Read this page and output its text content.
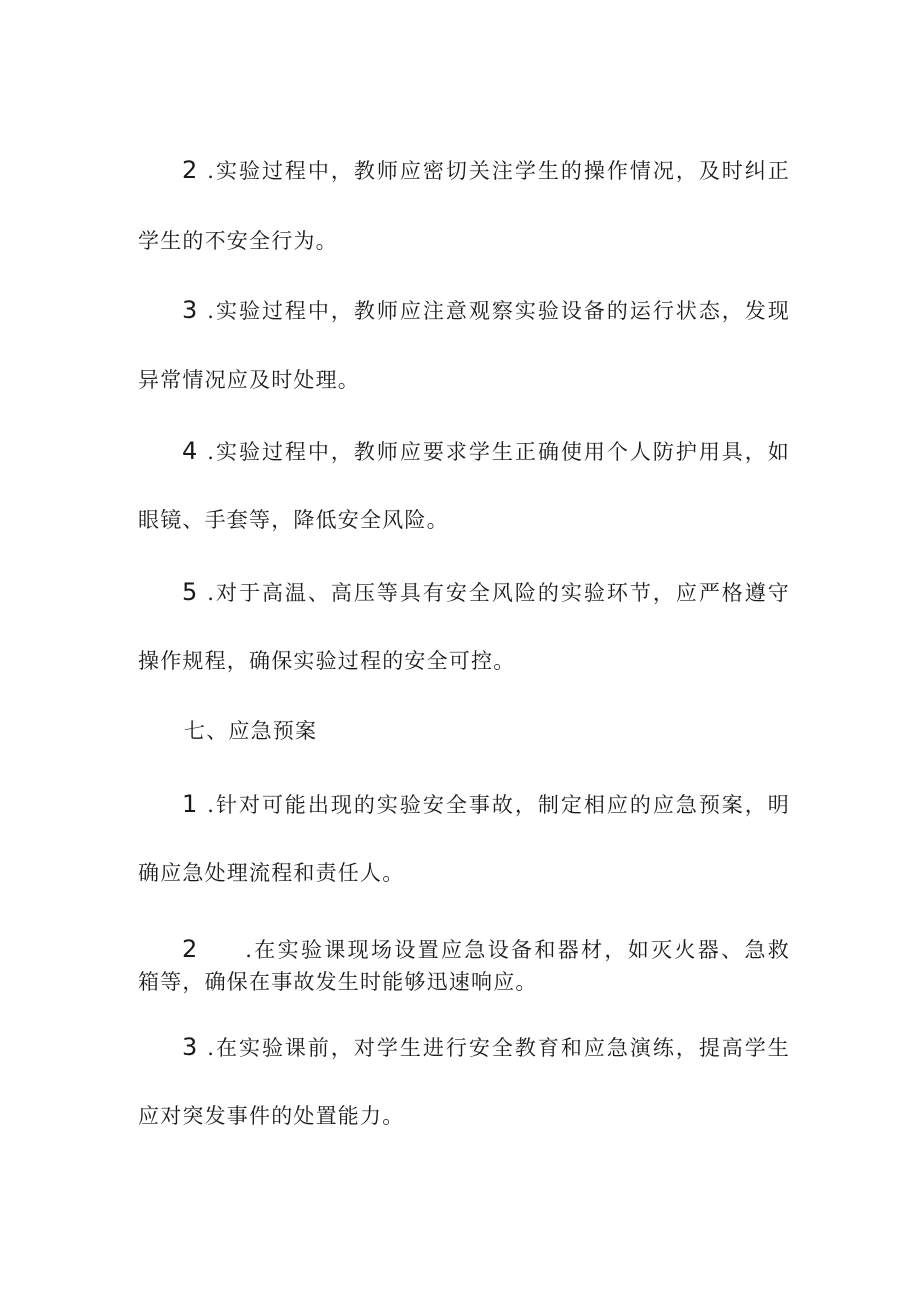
2 .实验过程中，教师应密切关注学生的操作情况，及时纠正
学生的不安全行为。
3 .实验过程中，教师应注意观察实验设备的运行状态，发现
异常情况应及时处理。
4 .实验过程中，教师应要求学生正确使用个人防护用具，如
眼镜、手套等，降低安全风险。
5 .对于高温、高压等具有安全风险的实验环节，应严格遵守
操作规程，确保实验过程的安全可控。
七、应急预案
1 .针对可能出现的实验安全事故，制定相应的应急预案，明
确应急处理流程和责任人。
2 .在实验课现场设置应急设备和器材，如灭火器、急救
箱等，确保在事故发生时能够迅速响应。
3 .在实验课前，对学生进行安全教育和应急演练，提高学生
应对突发事件的处置能力。
